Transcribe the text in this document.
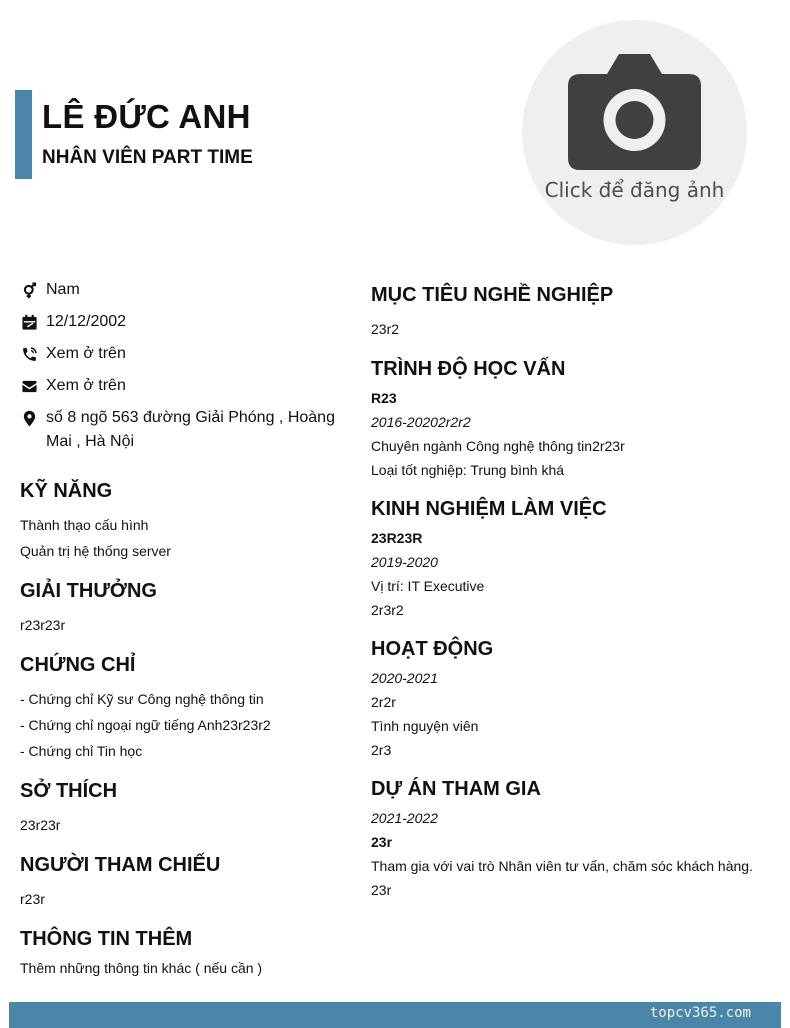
LÊ ĐỨC ANH
NHÂN VIÊN PART TIME
Click để đăng ảnh
Nam
12/12/2002
Xem ở trên
Xem ở trên
số 8 ngõ 563 đường Giải Phóng , Hoàng Mai , Hà Nội
KỸ NĂNG

Thành thạo cấu hình

Quản trị hệ thống server

GIẢI THƯỞNG

r23r23r

CHỨNG CHỈ

- Chứng chỉ Kỹ sư Công nghệ thông tin

- Chứng chỉ ngoại ngữ tiếng Anh23r23r2

- Chứng chỉ Tin học

SỞ THÍCH

23r23r

NGƯỜI THAM CHIẾU

r23r

THÔNG TIN THÊM

Thêm những thông tin khác ( nếu cần )

MỤC TIÊU NGHỀ NGHIỆP

23r2

TRÌNH ĐỘ HỌC VẤN

R23

2016-20202r2r2

Chuyên ngành Công nghệ thông tin2r23r

Loại tốt nghiệp: Trung bình khá

KINH NGHIỆM LÀM VIỆC

23R23R

2019-2020

Vị trí: IT Executive

2r3r2

HOẠT ĐỘNG

2020-2021

2r2r

Tình nguyện viên

2r3

DỰ ÁN THAM GIA

2021-2022

23r

Tham gia với vai trò Nhân viên tư vấn, chăm sóc khách hàng.

23r

topcv365.com
